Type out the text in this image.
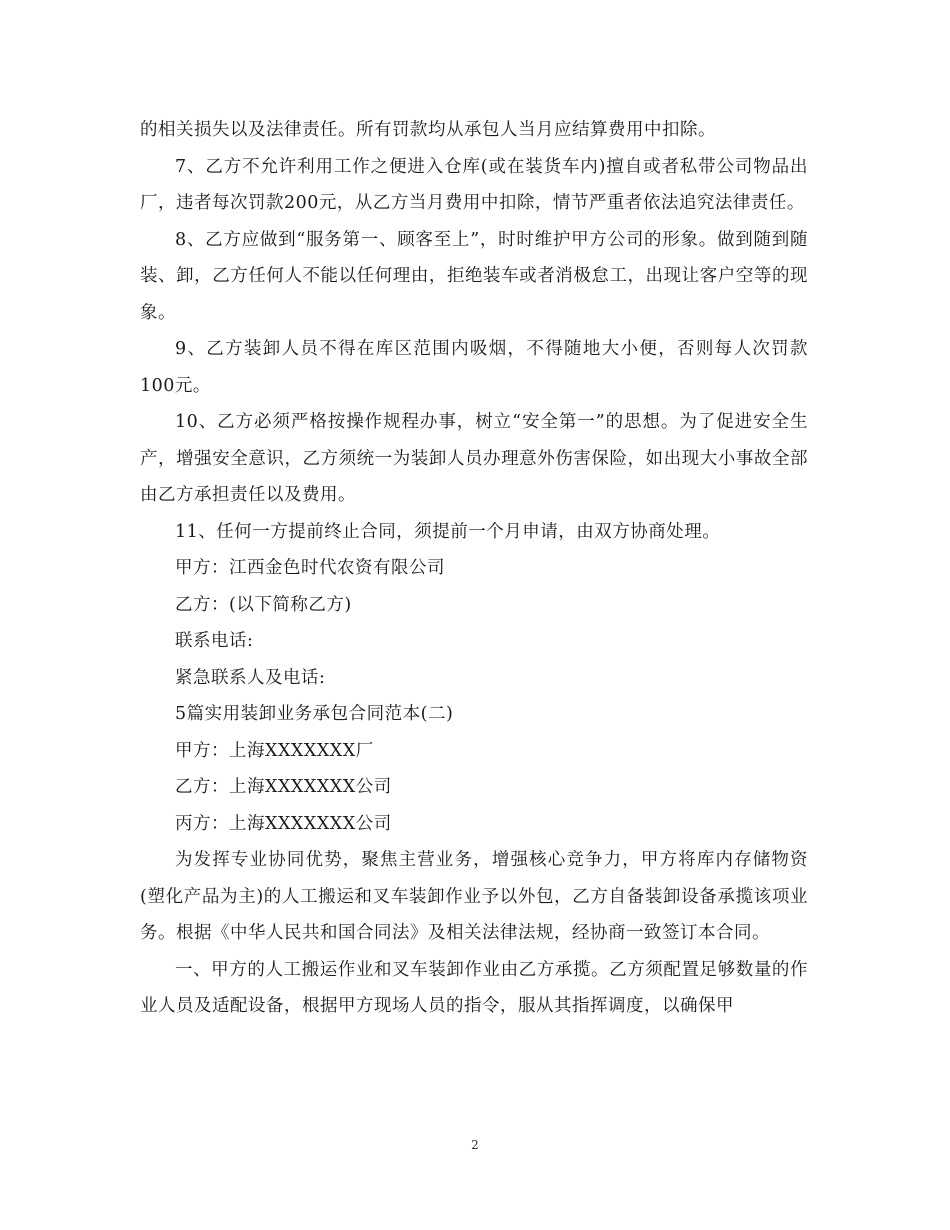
的相关损失以及法律责任。所有罚款均从承包人当月应结算费用中扣除。

7、乙方不允许利用工作之便进入仓库(或在装货车内)擅自或者私带公司物品出厂，违者每次罚款200元，从乙方当月费用中扣除，情节严重者依法追究法律责任。

8、乙方应做到“服务第一、顾客至上”，时时维护甲方公司的形象。做到随到随装、卸，乙方任何人不能以任何理由，拒绝装车或者消极怠工，出现让客户空等的现象。

9、乙方装卸人员不得在库区范围内吸烟，不得随地大小便，否则每人次罚款100元。

10、乙方必须严格按操作规程办事，树立“安全第一”的思想。为了促进安全生产，增强安全意识，乙方须统一为装卸人员办理意外伤害保险，如出现大小事故全部由乙方承担责任以及费用。

11、任何一方提前终止合同，须提前一个月申请，由双方协商处理。

甲方：江西金色时代农资有限公司

乙方：(以下简称乙方)

联系电话:

紧急联系人及电话:

5篇实用装卸业务承包合同范本(二)

甲方：上海XXXXXXX厂

乙方：上海XXXXXXX公司

丙方：上海XXXXXXX公司

为发挥专业协同优势，聚焦主营业务，增强核心竞争力，甲方将库内存储物资(塑化产品为主)的人工搬运和叉车装卸作业予以外包，乙方自备装卸设备承揽该项业务。根据《中华人民共和国合同法》及相关法律法规，经协商一致签订本合同。

一、甲方的人工搬运作业和叉车装卸作业由乙方承揽。乙方须配置足够数量的作业人员及适配设备，根据甲方现场人员的指令，服从其指挥调度，以确保甲

2
